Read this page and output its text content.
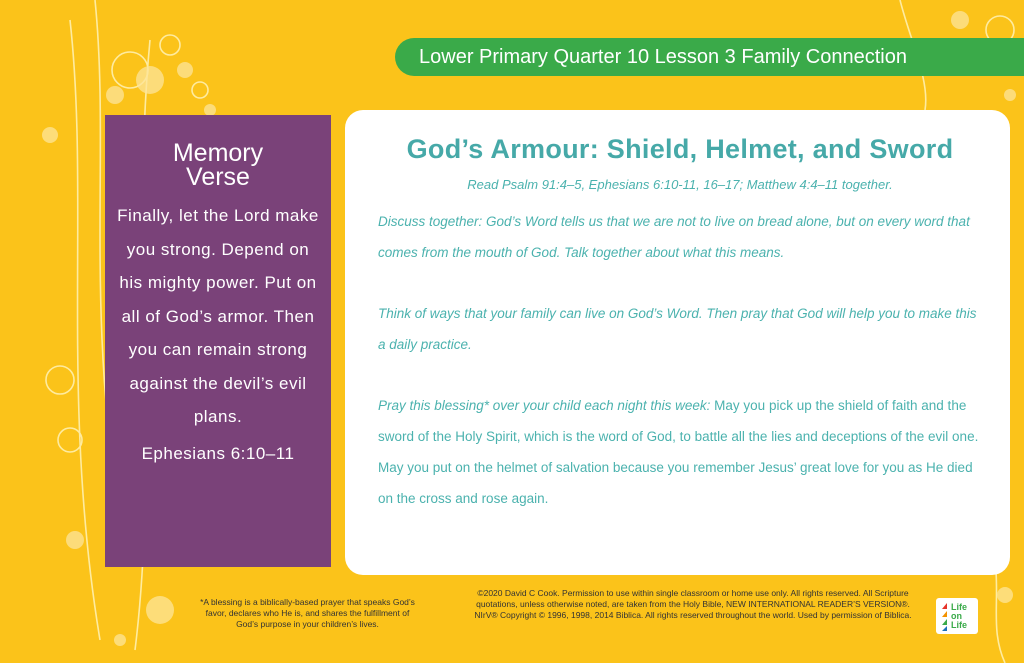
Lower Primary Quarter 10 Lesson 3 Family Connection
Memory Verse
Finally, let the Lord make you strong. Depend on his mighty power. Put on all of God’s armor. Then you can remain strong against the devil’s evil plans.
Ephesians 6:10–11
God’s Armour: Shield, Helmet, and Sword
Read Psalm 91:4–5, Ephesians 6:10-11, 16–17; Matthew 4:4–11 together.

Discuss together: God’s Word tells us that we are not to live on bread alone, but on every word that comes from the mouth of God. Talk together about what this means.

Think of ways that your family can live on God’s Word. Then pray that God will help you to make this a daily practice.

Pray this blessing* over your child each night this week: May you pick up the shield of faith and the sword of the Holy Spirit, which is the word of God, to battle all the lies and deceptions of the evil one. May you put on the helmet of salvation because you remember Jesus’ great love for you as He died on the cross and rose again.

*A blessing is a biblically-based prayer that speaks God’s favor, declares who He is, and shares the fulfillment of God’s purpose in your children’s lives.
©2020 David C Cook. Permission to use within single classroom or home use only. All rights reserved. All Scripture quotations, unless otherwise noted, are taken from the Holy Bible, NEW INTERNATIONAL READER’S VERSION®. NIrV® Copyright © 1996, 1998, 2014 Biblica. All rights reserved throughout the world. Used by permission of Biblica.
Life
on
Life
